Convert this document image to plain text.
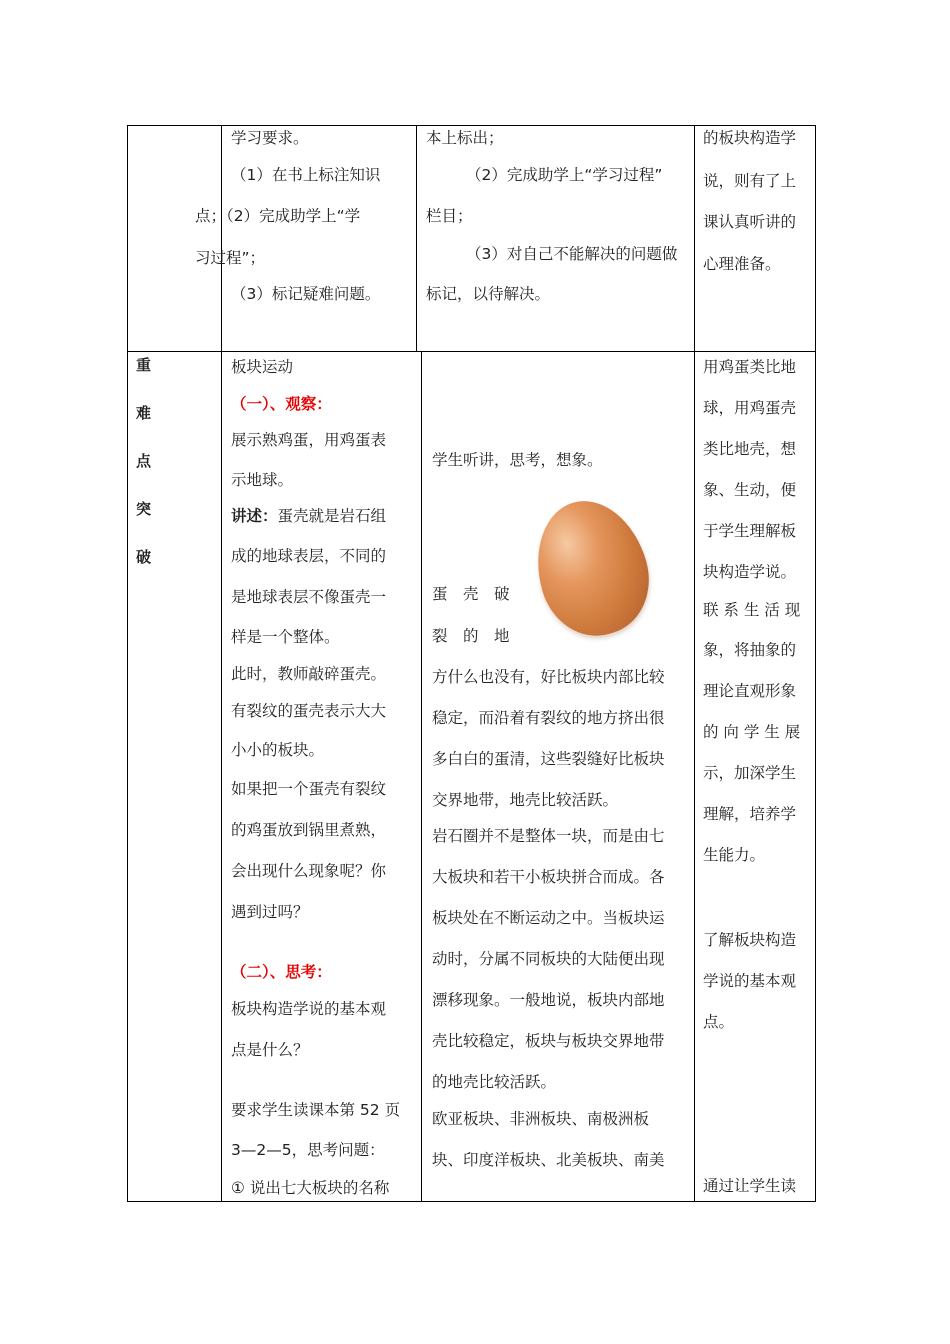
学习要求。
（1）在书上标注知识
点；（2）完成助学上“学
习过程”；
（3）标记疑难问题。
本上标出；
（2）完成助学上“学习过程”
栏目；
（3）对自己不能解决的问题做
标记，以待解决。
的板块构造学
说，则有了上
课认真听讲的
心理准备。
重
难
点
突
破
板块运动
（一）、观察：
展示熟鸡蛋，用鸡蛋表
示地球。
讲述：蛋壳就是岩石组
成的地球表层，不同的
是地球表层不像蛋壳一
样是一个整体。
此时，教师敲碎蛋壳。
有裂纹的蛋壳表示大大
小小的板块。
如果把一个蛋壳有裂纹
的鸡蛋放到锅里煮熟，
会出现什么现象呢？你
遇到过吗？
（二）、思考：
板块构造学说的基本观
点是什么？
要求学生读课本第 52 页
3—2—5，思考问题：
① 说出七大板块的名称
学生听讲，思考，想象。
蛋　壳　破
裂　的　地
方什么也没有，好比板块内部比较
稳定，而沿着有裂纹的地方挤出很
多白白的蛋清，这些裂缝好比板块
交界地带，地壳比较活跃。
岩石圈并不是整体一块，而是由七
大板块和若干小板块拼合而成。各
板块处在不断运动之中。当板块运
动时，分属不同板块的大陆便出现
漂移现象。一般地说，板块内部地
壳比较稳定，板块与板块交界地带
的地壳比较活跃。
欧亚板块、非洲板块、南极洲板
块、印度洋板块、北美板块、南美
用鸡蛋类比地
球，用鸡蛋壳
类比地壳，想
象、生动，便
于学生理解板
块构造学说。
联 系 生 活 现
象，将抽象的
理论直观形象
的 向 学 生 展
示，加深学生
理解，培养学
生能力。
了解板块构造
学说的基本观
点。
通过让学生读
